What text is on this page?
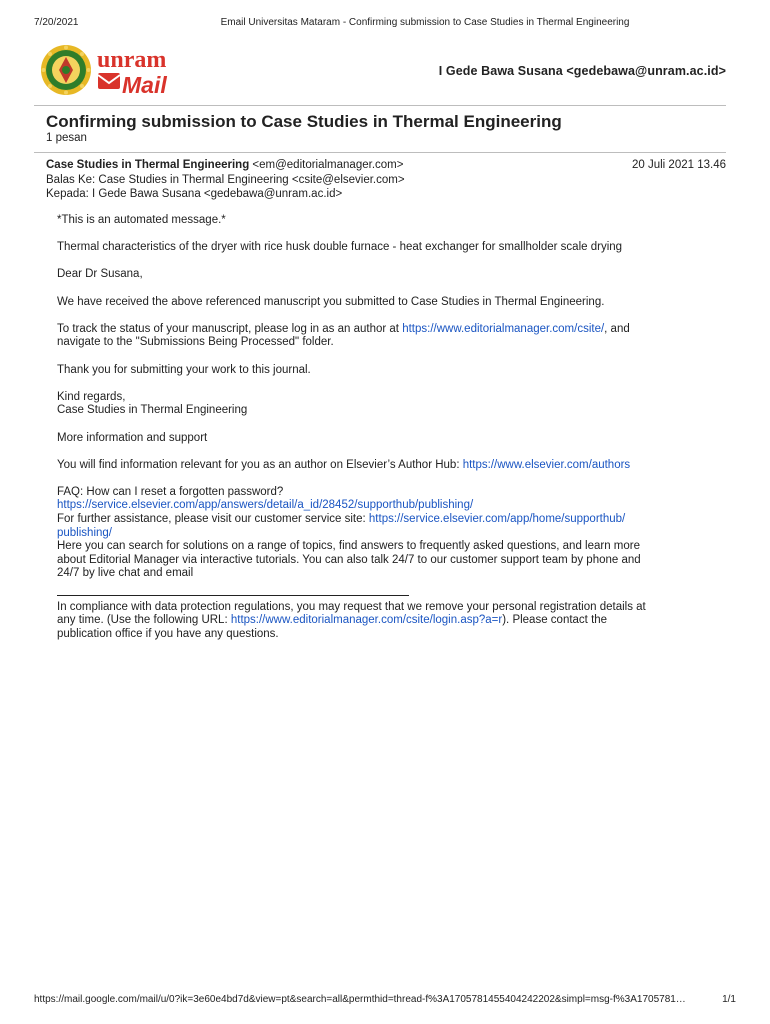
7/20/2021	Email Universitas Mataram - Confirming submission to Case Studies in Thermal Engineering
unram
Mail
I Gede Bawa Susana <gedebawa@unram.ac.id>
Confirming submission to Case Studies in Thermal Engineering
1 pesan
Case Studies in Thermal Engineering <em@editorialmanager.com>	20 Juli 2021 13.46
Balas Ke: Case Studies in Thermal Engineering <csite@elsevier.com>
Kepada: I Gede Bawa Susana <gedebawa@unram.ac.id>

*This is an automated message.*

Thermal characteristics of the dryer with rice husk double furnace - heat exchanger for smallholder scale drying

Dear Dr Susana,

We have received the above referenced manuscript you submitted to Case Studies in Thermal Engineering.

To track the status of your manuscript, please log in as an author at https://www.editorialmanager.com/csite/, and
navigate to the "Submissions Being Processed" folder.

Thank you for submitting your work to this journal.

Kind regards,
Case Studies in Thermal Engineering

More information and support

You will find information relevant for you as an author on Elsevier’s Author Hub: https://www.elsevier.com/authors

FAQ: How can I reset a forgotten password?
https://service.elsevier.com/app/answers/detail/a_id/28452/supporthub/publishing/
For further assistance, please visit our customer service site: https://service.elsevier.com/app/home/supporthub/
publishing/
Here you can search for solutions on a range of topics, find answers to frequently asked questions, and learn more
about Editorial Manager via interactive tutorials. You can also talk 24/7 to our customer support team by phone and
24/7 by live chat and email

In compliance with data protection regulations, you may request that we remove your personal registration details at
any time. (Use the following URL: https://www.editorialmanager.com/csite/login.asp?a=r). Please contact the
publication office if you have any questions.
https://mail.google.com/mail/u/0?ik=3e60e4bd7d&view=pt&search=all&permthid=thread-f%3A1705781455404242202&simpl=msg-f%3A1705781…	1/1
